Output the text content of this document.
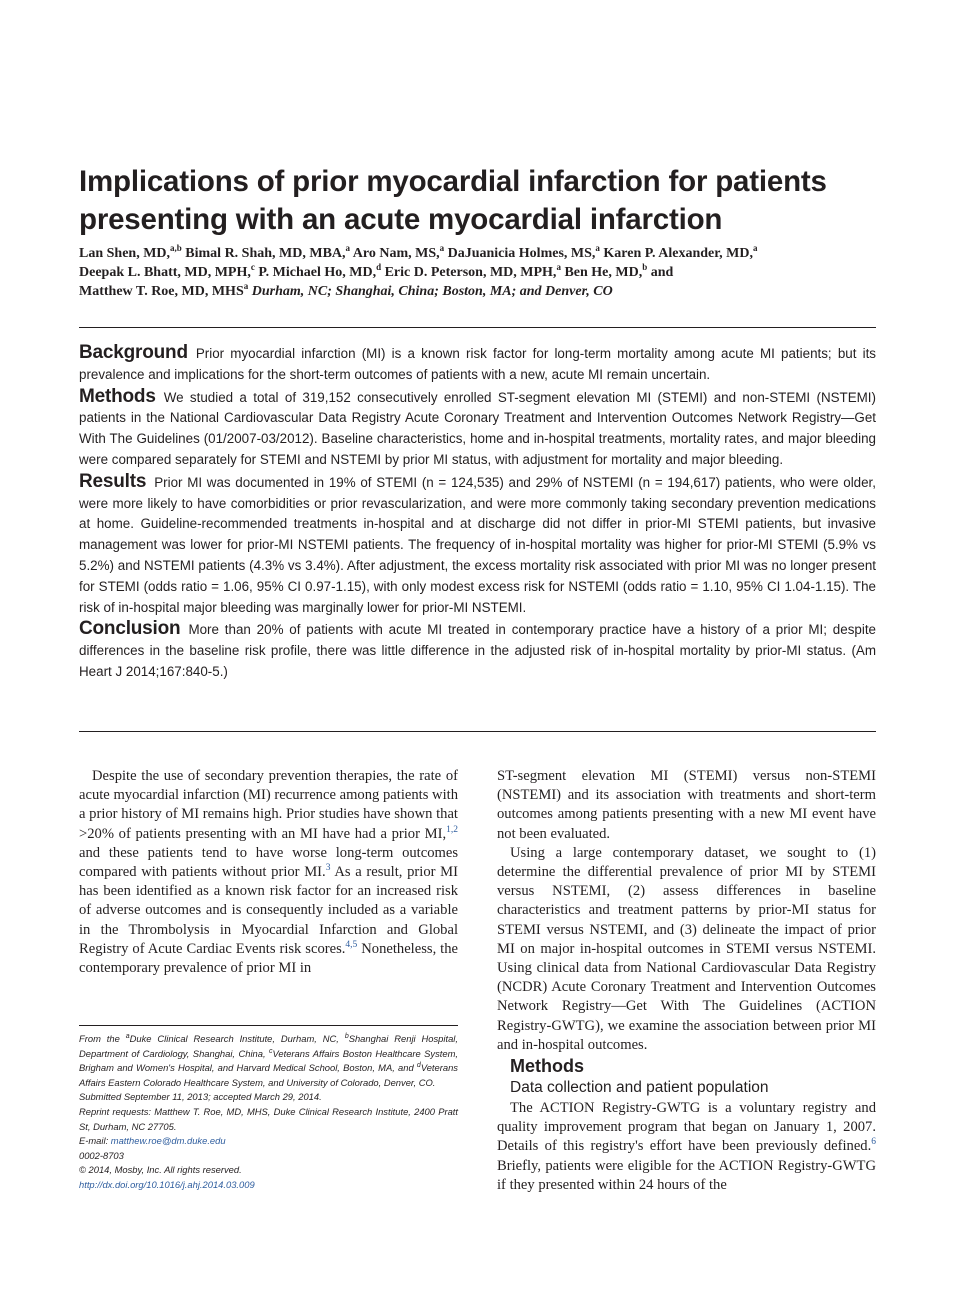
Implications of prior myocardial infarction for patients presenting with an acute myocardial infarction
Lan Shen, MD,$^{a,b}$ Bimal R. Shah, MD, MBA,$^a$ Aro Nam, MS,$^a$ DaJuanicia Holmes, MS,$^a$ Karen P. Alexander, MD,$^a$
Deepak L. Bhatt, MD, MPH,$^c$ P. Michael Ho, MD,$^d$ Eric D. Peterson, MD, MPH,$^a$ Ben He, MD,$^b$ and
Matthew T. Roe, MD, MHS$^a$ Durham, NC; Shanghai, China; Boston, MA; and Denver, CO

Background Prior myocardial infarction (MI) is a known risk factor for long-term mortality among acute MI patients; but its prevalence and implications for the short-term outcomes of patients with a new, acute MI remain uncertain.

Methods We studied a total of 319,152 consecutively enrolled ST-segment elevation MI (STEMI) and non-STEMI (NSTEMI) patients in the National Cardiovascular Data Registry Acute Coronary Treatment and Intervention Outcomes Network Registry—Get With The Guidelines (01/2007-03/2012). Baseline characteristics, home and in-hospital treatments, mortality rates, and major bleeding were compared separately for STEMI and NSTEMI by prior MI status, with adjustment for mortality and major bleeding.

Results Prior MI was documented in 19% of STEMI (n = 124,535) and 29% of NSTEMI (n = 194,617) patients, who were older, were more likely to have comorbidities or prior revascularization, and were more commonly taking secondary prevention medications at home. Guideline-recommended treatments in-hospital and at discharge did not differ in prior-MI STEMI patients, but invasive management was lower for prior-MI NSTEMI patients. The frequency of in-hospital mortality was higher for prior-MI STEMI (5.9% vs 5.2%) and NSTEMI patients (4.3% vs 3.4%). After adjustment, the excess mortality risk associated with prior MI was no longer present for STEMI (odds ratio = 1.06, 95% CI 0.97-1.15), with only modest excess risk for NSTEMI (odds ratio = 1.10, 95% CI 1.04-1.15). The risk of in-hospital major bleeding was marginally lower for prior-MI NSTEMI.

Conclusion More than 20% of patients with acute MI treated in contemporary practice have a history of a prior MI; despite differences in the baseline risk profile, there was little difference in the adjusted risk of in-hospital mortality by prior-MI status. (Am Heart J 2014;167:840-5.)

Despite the use of secondary prevention therapies, the rate of acute myocardial infarction (MI) recurrence among patients with a prior history of MI remains high. Prior studies have shown that >20% of patients presenting with an MI have had a prior MI,$^{1,2}$ and these patients tend to have worse long-term outcomes compared with patients without prior MI.$^3$ As a result, prior MI has been identified as a known risk factor for an increased risk of adverse outcomes and is consequently included as a variable in the Thrombolysis in Myocardial Infarction and Global Registry of Acute Cardiac Events risk scores.$^{4,5}$ Nonetheless, the contemporary prevalence of prior MI in

From the $^a$Duke Clinical Research Institute, Durham, NC, $^b$Shanghai Renji Hospital, Department of Cardiology, Shanghai, China, $^c$Veterans Affairs Boston Healthcare System, Brigham and Women's Hospital, and Harvard Medical School, Boston, MA, and $^d$Veterans Affairs Eastern Colorado Healthcare System, and University of Colorado, Denver, CO.

Submitted September 11, 2013; accepted March 29, 2014.

Reprint requests: Matthew T. Roe, MD, MHS, Duke Clinical Research Institute, 2400 Pratt St, Durham, NC 27705.

E-mail: matthew.roe@dm.duke.edu

0002-8703

© 2014, Mosby, Inc. All rights reserved.

http://dx.doi.org/10.1016/j.ahj.2014.03.009

ST-segment elevation MI (STEMI) versus non-STEMI (NSTEMI) and its association with treatments and short-term outcomes among patients presenting with a new MI event have not been evaluated.

Using a large contemporary dataset, we sought to (1) determine the differential prevalence of prior MI by STEMI versus NSTEMI, (2) assess differences in baseline characteristics and treatment patterns by prior-MI status for STEMI versus NSTEMI, and (3) delineate the impact of prior MI on major in-hospital outcomes in STEMI versus NSTEMI. Using clinical data from National Cardiovascular Data Registry (NCDR) Acute Coronary Treatment and Intervention Outcomes Network Registry—Get With The Guidelines (ACTION Registry-GWTG), we examine the association between prior MI and in-hospital outcomes.

Methods

Data collection and patient population

The ACTION Registry-GWTG is a voluntary registry and quality improvement program that began on January 1, 2007. Details of this registry's effort have been previously defined.$^6$ Briefly, patients were eligible for the ACTION Registry-GWTG if they presented within 24 hours of the
